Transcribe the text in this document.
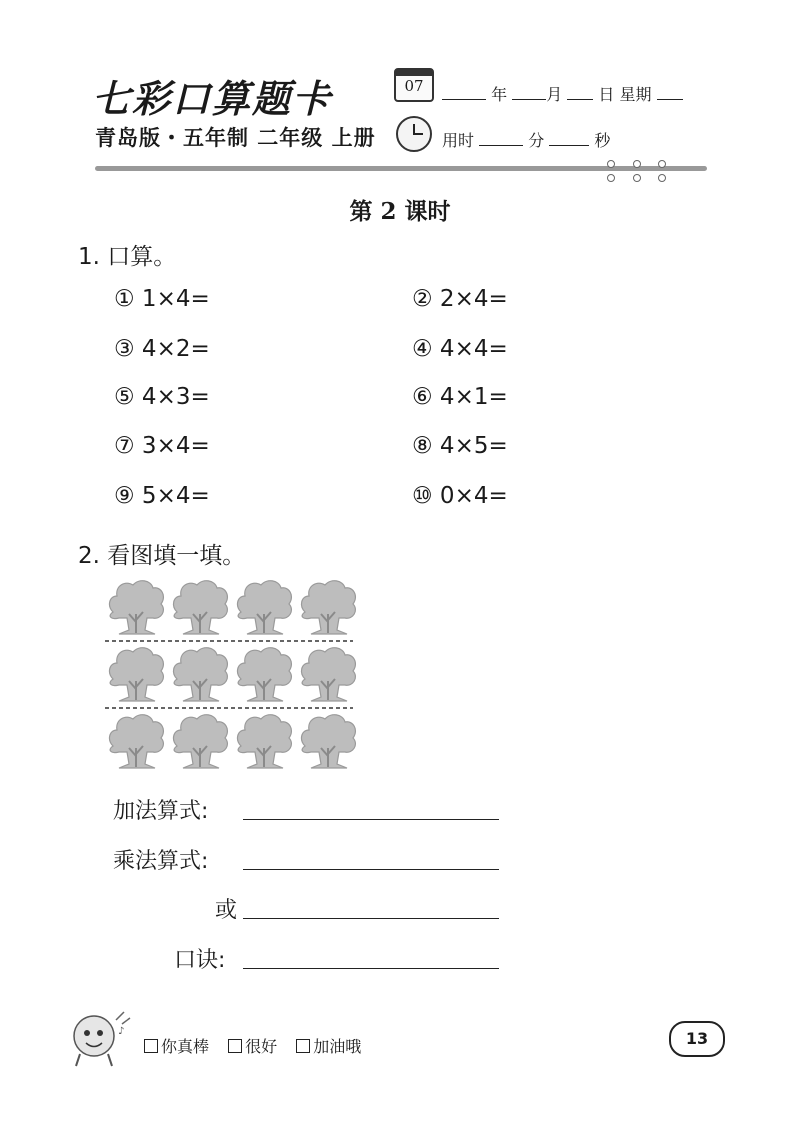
七彩口算题卡
青岛版・五年制 二年级 上册
07	年 月 日 星期
用时	分	秒
第 2 课时
1. 口算。
① 1×4=	② 2×4=
③ 4×2=	④ 4×4=
⑤ 4×3=	⑥ 4×1=
⑦ 3×4=	⑧ 4×5=
⑨ 5×4=	⑩ 0×4=
2. 看图填一填。
加法算式:
乘法算式:
或
口诀:
♪
你真棒 很好 加油哦	13
